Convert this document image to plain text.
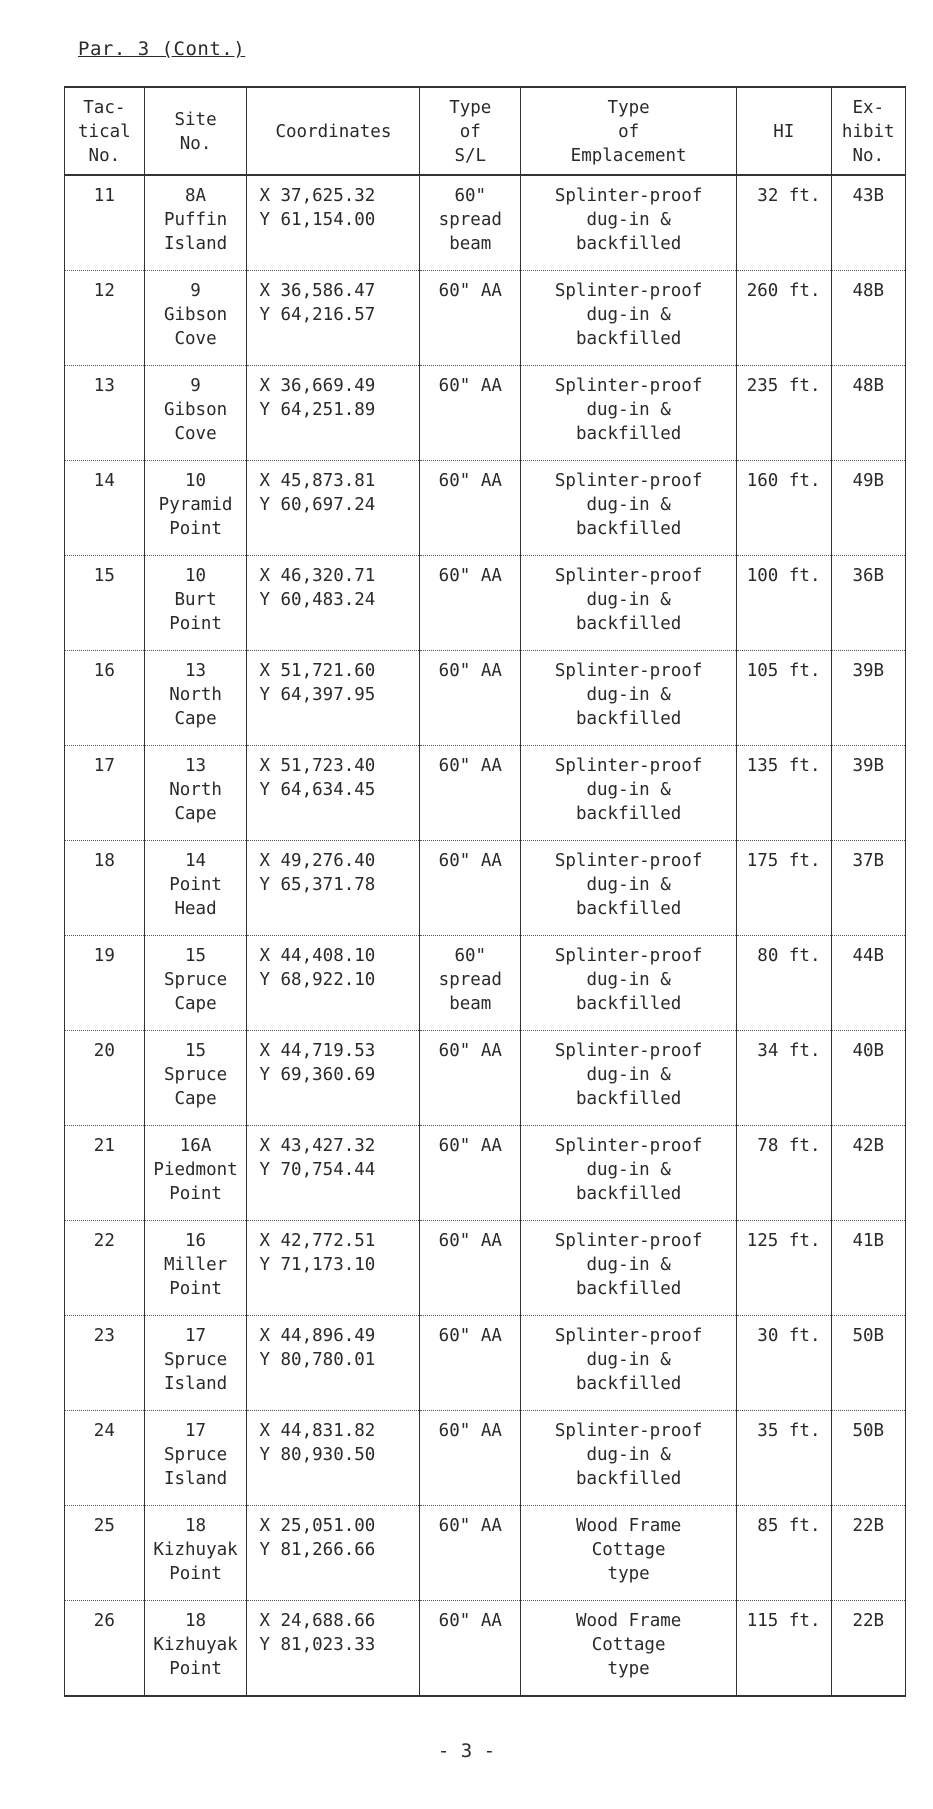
Par. 3 (Cont.)
Tac-
tical
No.	Site
No.	Coordinates	Type
of
S/L	Type
of
Emplacement	HI	Ex-
hibit
No.

11	8A
Puffin
Island	X 37,625.32
Y 61,154.00	60"
spread
beam	Splinter-proof
dug-in &
backfilled	32 ft.	43B
12	9
Gibson
Cove	X 36,586.47
Y 64,216.57	60" AA	Splinter-proof
dug-in &
backfilled	260 ft.	48B
13	9
Gibson
Cove	X 36,669.49
Y 64,251.89	60" AA	Splinter-proof
dug-in &
backfilled	235 ft.	48B
14	10
Pyramid
Point	X 45,873.81
Y 60,697.24	60" AA	Splinter-proof
dug-in &
backfilled	160 ft.	49B
15	10
Burt
Point	X 46,320.71
Y 60,483.24	60" AA	Splinter-proof
dug-in &
backfilled	100 ft.	36B
16	13
North
Cape	X 51,721.60
Y 64,397.95	60" AA	Splinter-proof
dug-in &
backfilled	105 ft.	39B
17	13
North
Cape	X 51,723.40
Y 64,634.45	60" AA	Splinter-proof
dug-in &
backfilled	135 ft.	39B
18	14
Point
Head	X 49,276.40
Y 65,371.78	60" AA	Splinter-proof
dug-in &
backfilled	175 ft.	37B
19	15
Spruce
Cape	X 44,408.10
Y 68,922.10	60"
spread
beam	Splinter-proof
dug-in &
backfilled	80 ft.	44B
20	15
Spruce
Cape	X 44,719.53
Y 69,360.69	60" AA	Splinter-proof
dug-in &
backfilled	34 ft.	40B
21	16A
Piedmont
Point	X 43,427.32
Y 70,754.44	60" AA	Splinter-proof
dug-in &
backfilled	78 ft.	42B
22	16
Miller
Point	X 42,772.51
Y 71,173.10	60" AA	Splinter-proof
dug-in &
backfilled	125 ft.	41B
23	17
Spruce
Island	X 44,896.49
Y 80,780.01	60" AA	Splinter-proof
dug-in &
backfilled	30 ft.	50B
24	17
Spruce
Island	X 44,831.82
Y 80,930.50	60" AA	Splinter-proof
dug-in &
backfilled	35 ft.	50B
25	18
Kizhuyak
Point	X 25,051.00
Y 81,266.66	60" AA	Wood Frame
Cottage
type	85 ft.	22B
26	18
Kizhuyak
Point	X 24,688.66
Y 81,023.33	60" AA	Wood Frame
Cottage
type	115 ft.	22B
- 3 -
